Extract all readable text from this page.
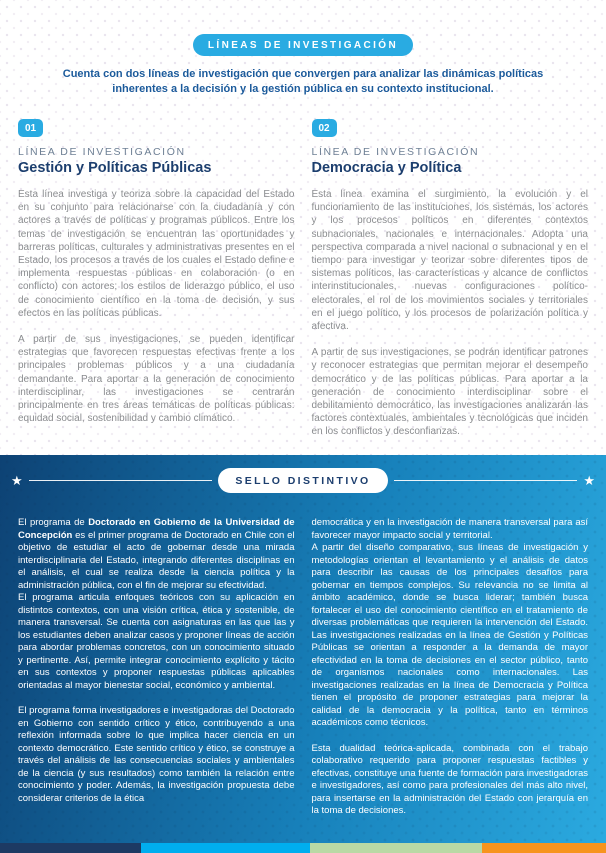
LÍNEAS DE INVESTIGACIÓN

Cuenta con dos líneas de investigación que convergen para analizar las dinámicas políticas inherentes a la decisión y la gestión pública en su contexto institucional.

01
LÍNEA DE INVESTIGACIÓN
Gestión y Políticas Públicas

Esta línea investiga y teoriza sobre la capacidad del Estado en su conjunto para relacionarse con la ciudadanía y con actores a través de políticas y programas públicos. Entre los temas de investigación se encuentran las oportunidades y barreras políticas, culturales y administrativas presentes en el Estado, los procesos a través de los cuales el Estado define e implementa respuestas públicas en colaboración (o en conflicto) con actores; los estilos de liderazgo público, el uso de conocimiento científico en la toma de decisión, y sus efectos en las políticas públicas.

A partir de sus investigaciones, se pueden identificar estrategias que favorecen respuestas efectivas frente a los principales problemas públicos y a una ciudadanía demandante. Para aportar a la generación de conocimiento interdisciplinar, las investigaciones se centrarán principalmente en tres áreas temáticas de políticas públicas: equidad social, sostenibilidad y cambio climático.

02
LÍNEA DE INVESTIGACIÓN
Democracia y Política

Esta línea examina el surgimiento, la evolución y el funcionamiento de las instituciones, los sistemas, los actores y los procesos políticos en diferentes contextos subnacionales, nacionales e internacionales. Adopta una perspectiva comparada a nivel nacional o subnacional y en el tiempo para investigar y teorizar sobre diferentes tipos de sistemas políticos, las características y alcance de conflictos interinstitucionales, nuevas configuraciones político-electorales, el rol de los movimientos sociales y territoriales en el juego político, y los procesos de polarización política y afectiva.

A partir de sus investigaciones, se podrán identificar patrones y reconocer estrategias que permitan mejorar el desempeño democrático y de las políticas públicas. Para aportar a la generación de conocimiento interdisciplinar sobre el debilitamiento democrático, las investigaciones analizarán las factores contextuales, ambientales y tecnológicas que inciden en los conflictos y desconfianzas.

★	SELLO DISTINTIVO	★

El programa de Doctorado en Gobierno de la Universidad de Concepción es el primer programa de Doctorado en Chile con el objetivo de estudiar el acto de gobernar desde una mirada interdisciplinaria del Estado, integrando diferentes disciplinas en el análisis, el cual se realiza desde la ciencia política y la administración pública, con el fin de mejorar su efectividad.

El programa articula enfoques teóricos con su aplicación en distintos contextos, con una visión crítica, ética y sostenible, de manera transversal. Se cuenta con asignaturas en las que las y los estudiantes deben analizar casos y proponer líneas de acción para abordar problemas concretos, con un conocimiento situado y pertinente. Así, permite integrar conocimiento explícito y tácito en sus contextos y proponer respuestas públicas aplicables orientadas al mayor bienestar social, económico y ambiental.

El programa forma investigadores e investigadoras del Doctorado en Gobierno con sentido crítico y ético, contribuyendo a una reflexión informada sobre lo que implica hacer ciencia en un contexto democrático. Este sentido crítico y ético, se construye a través del análisis de las consecuencias sociales y ambientales de la ciencia (y sus resultados) como también la relación entre conocimiento y poder. Además, la investigación propuesta debe considerar criterios de la ética

democrática y en la investigación de manera transversal para así favorecer mayor impacto social y territorial.

A partir del diseño comparativo, sus líneas de investigación y metodologías orientan el levantamiento y el análisis de datos para describir las causas de los principales desafíos para gobernar en tiempos complejos. Su relevancia no se limita al ámbito académico, donde se busca liderar; también busca fortalecer el uso del conocimiento científico en el tratamiento de diversas problemáticas que requieren la intervención del Estado. Las investigaciones realizadas en la línea de Gestión y Políticas Públicas se orientan a responder a la demanda de mayor efectividad en la toma de decisiones en el sector público, tanto de organismos nacionales como internacionales. Las investigaciones realizadas en la línea de Democracia y Política tienen el propósito de proponer estrategias para mejorar la calidad de la democracia y la política, tanto en términos académicos como técnicos.

Esta dualidad teórica-aplicada, combinada con el trabajo colaborativo requerido para proponer respuestas factibles y efectivas, constituye una fuente de formación para investigadoras e investigadores, así como para profesionales del más alto nivel, para insertarse en la administración del Estado con jerarquía en la toma de decisiones.
